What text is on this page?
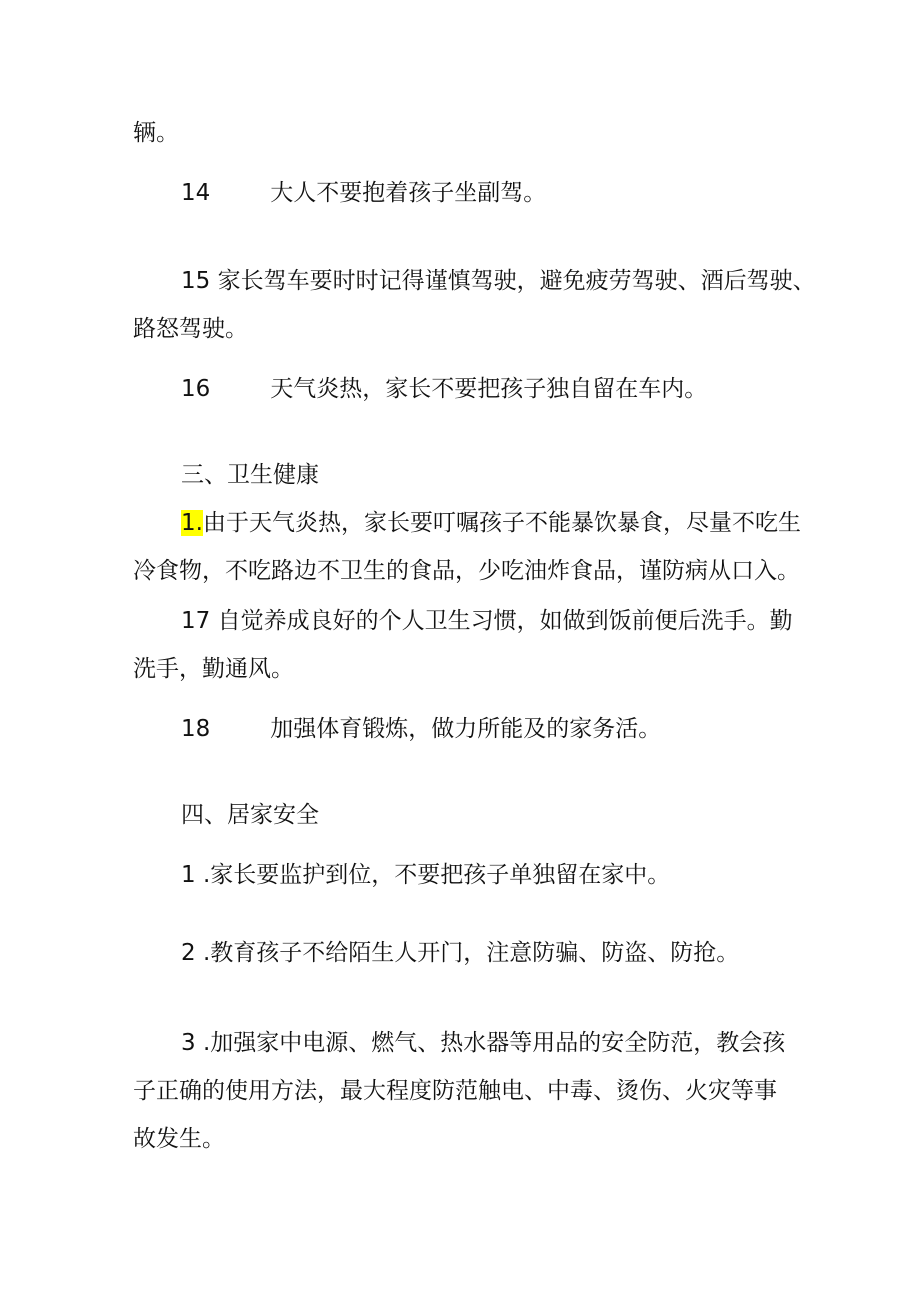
辆。
14	大人不要抱着孩子坐副驾。
15 家长驾车要时时记得谨慎驾驶，避免疲劳驾驶、酒后驾驶、
路怒驾驶。
16	天气炎热，家长不要把孩子独自留在车内。
三、卫生健康
1.由于天气炎热，家长要叮嘱孩子不能暴饮暴食，尽量不吃生
冷食物，不吃路边不卫生的食品，少吃油炸食品，谨防病从口入。
17 自觉养成良好的个人卫生习惯，如做到饭前便后洗手。勤
洗手，勤通风。
18	加强体育锻炼，做力所能及的家务活。
四、居家安全
1 .家长要监护到位，不要把孩子单独留在家中。
2 .教育孩子不给陌生人开门，注意防骗、防盗、防抢。
3 .加强家中电源、燃气、热水器等用品的安全防范，教会孩
子正确的使用方法，最大程度防范触电、中毒、烫伤、火灾等事
故发生。
